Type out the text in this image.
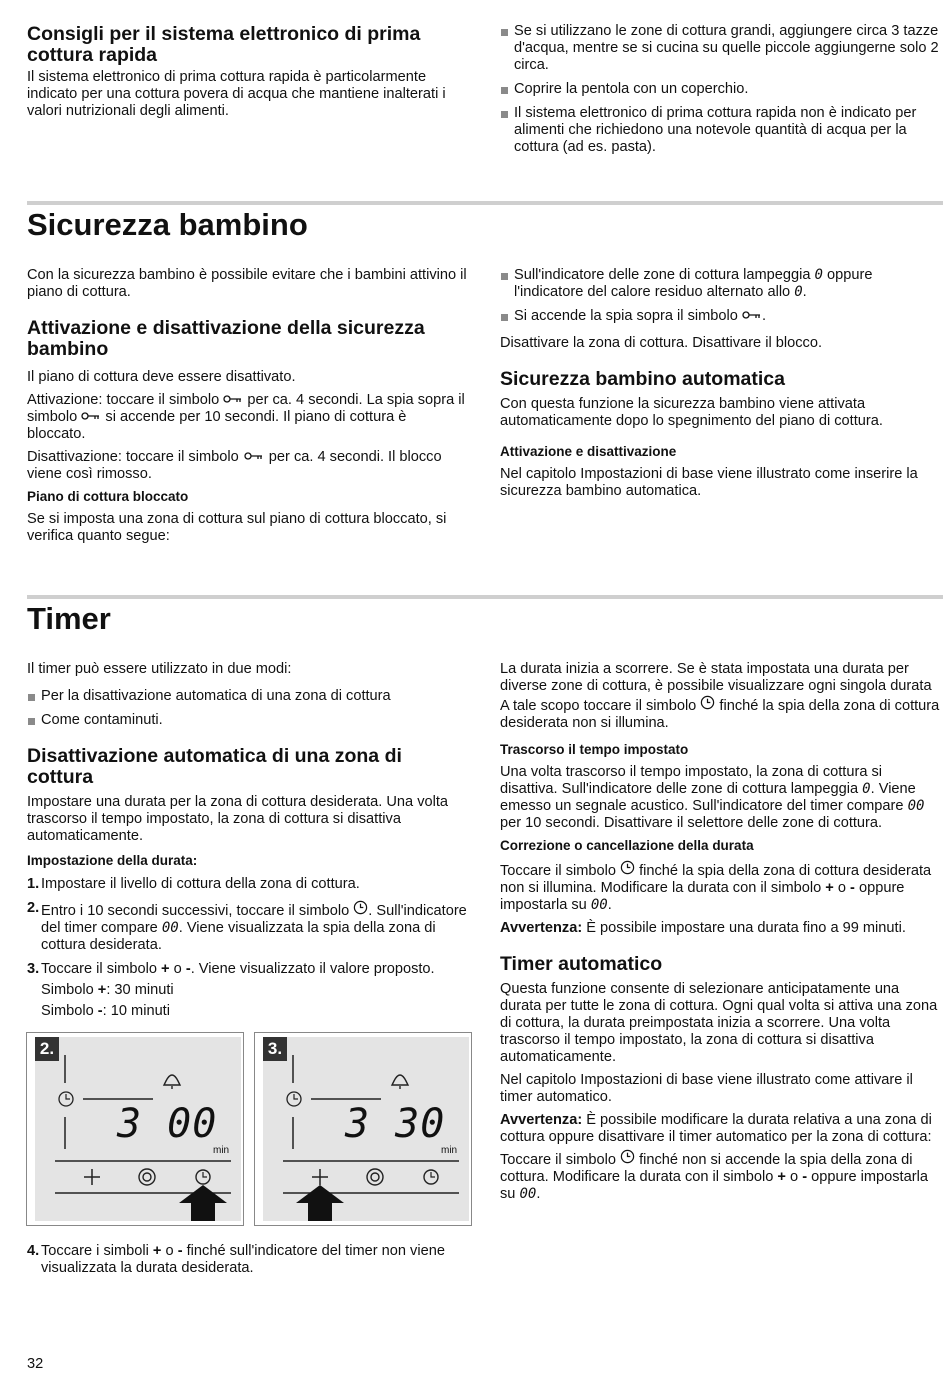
Consigli per il sistema elettronico di prima cottura rapida

Il sistema elettronico di prima cottura rapida è particolarmente indicato per una cottura povera di acqua che mantiene inalterati i valori nutrizionali degli alimenti.

Se si utilizzano le zone di cottura grandi, aggiungere circa 3 tazze d'acqua, mentre se si cucina su quelle piccole aggiungerne solo 2 circa.
Coprire la pentola con un coperchio.
Il sistema elettronico di prima cottura rapida non è indicato per alimenti che richiedono una notevole quantità di acqua per la cottura (ad es. pasta).
Sicurezza bambino

Con la sicurezza bambino è possibile evitare che i bambini attivino il piano di cottura.

Attivazione e disattivazione della sicurezza bambino

Il piano di cottura deve essere disattivato.

Attivazione: toccare il simbolo  per ca. 4 secondi. La spia sopra il simbolo  si accende per 10 secondi. Il piano di cottura è bloccato.

Disattivazione: toccare il simbolo  per ca. 4 secondi. Il blocco viene così rimosso.

Piano di cottura bloccato

Se si imposta una zona di cottura sul piano di cottura bloccato, si verifica quanto segue:

Sull'indicatore delle zone di cottura lampeggia 0 oppure l'indicatore del calore residuo alternato allo 0.
Si accende la spia sopra il simbolo .

Disattivare la zona di cottura. Disattivare il blocco.

Sicurezza bambino automatica

Con questa funzione la sicurezza bambino viene attivata automaticamente dopo lo spegnimento del piano di cottura.

Attivazione e disattivazione

Nel capitolo Impostazioni di base viene illustrato come inserire la sicurezza bambino automatica.

Timer

Il timer può essere utilizzato in due modi:

Per la disattivazione automatica di una zona di cottura
Come contaminuti.
Disattivazione automatica di una zona di cottura

Impostare una durata per la zona di cottura desiderata. Una volta trascorso il tempo impostato, la zona di cottura si disattiva automaticamente.

Impostazione della durata:
1. Impostare il livello di cottura della zona di cottura.
2. Entro i 10 secondi successivi, toccare il simbolo . Sull'indicatore del timer compare 00. Viene visualizzata la spia della zona di cottura desiderata.
3. Toccare il simbolo + o -. Viene visualizzato il valore proposto.
Simbolo +: 30 minuti
Simbolo -: 10 minuti
2.
3 00
min
3.
3 30
min
4. Toccare i simboli + o - finché sull'indicatore del timer non viene visualizzata la durata desiderata.

La durata inizia a scorrere. Se è stata impostata una durata per diverse zone di cottura, è possibile visualizzare ogni singola durata A tale scopo toccare il simbolo  finché la spia della zona di cottura desiderata non si illumina.

Trascorso il tempo impostato

Una volta trascorso il tempo impostato, la zona di cottura si disattiva. Sull'indicatore delle zone di cottura lampeggia 0. Viene emesso un segnale acustico. Sull'indicatore del timer compare 00 per 10 secondi. Disattivare il selettore delle zone di cottura.

Correzione o cancellazione della durata

Toccare il simbolo  finché la spia della zona di cottura desiderata non si illumina. Modificare la durata con il simbolo + o - oppure impostarla su 00.

Avvertenza: È possibile impostare una durata fino a 99 minuti.

Timer automatico

Questa funzione consente di selezionare anticipatamente una durata per tutte le zona di cottura. Ogni qual volta si attiva una zona di cottura, la durata preimpostata inizia a scorrere. Una volta trascorso il tempo impostato, la zona di cottura si disattiva automaticamente.

Nel capitolo Impostazioni di base viene illustrato come attivare il timer automatico.

Avvertenza: È possibile modificare la durata relativa a una zona di cottura oppure disattivare il timer automatico per la zona di cottura:

Toccare il simbolo  finché non si accende la spia della zona di cottura. Modificare la durata con il simbolo + o - oppure impostarla su 00.

32
